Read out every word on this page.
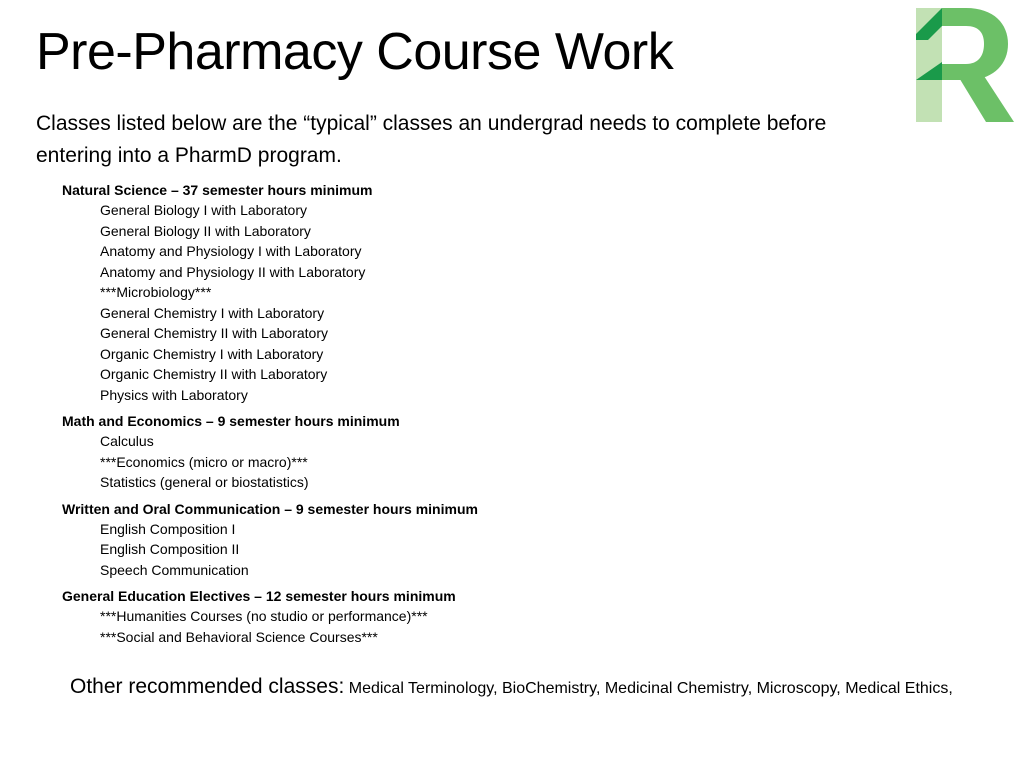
Pre-Pharmacy Course Work
Classes listed below are the “typical” classes an undergrad needs to complete before entering into a PharmD program.
Natural Science – 37 semester hours minimum
General Biology I with Laboratory
General Biology II with Laboratory
Anatomy and Physiology I with Laboratory
Anatomy and Physiology II with Laboratory
***Microbiology***
General Chemistry I with Laboratory
General Chemistry II with Laboratory
Organic Chemistry I with Laboratory
Organic Chemistry II with Laboratory
Physics with Laboratory
Math and Economics – 9 semester hours minimum
Calculus
***Economics (micro or macro)***
Statistics (general or biostatistics)
Written and Oral Communication – 9 semester hours minimum
English Composition I
English Composition II
Speech Communication
General Education Electives – 12 semester hours minimum
***Humanities Courses (no studio or performance)***
***Social and Behavioral Science Courses***
Other recommended classes: Medical Terminology, BioChemistry, Medicinal Chemistry, Microscopy, Medical Ethics,
